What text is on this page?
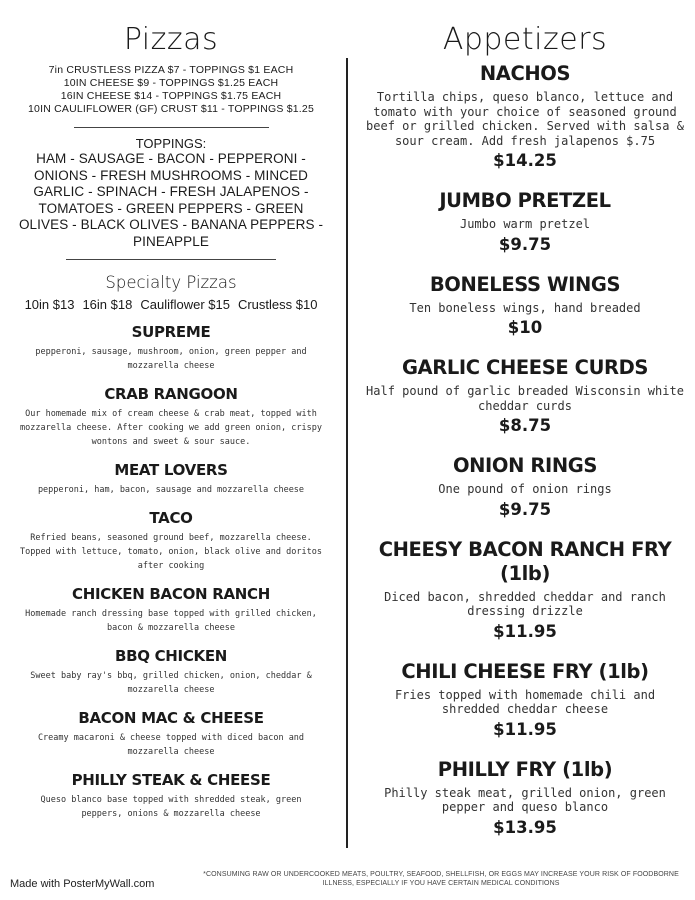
Pizzas
7in CRUSTLESS PIZZA $7 - TOPPINGS $1 EACH
10IN CHEESE $9 - TOPPINGS $1.25 EACH
16IN CHEESE $14 - TOPPINGS $1.75 EACH
10IN CAULIFLOWER (GF) CRUST $11 - TOPPINGS $1.25
TOPPINGS:
HAM - SAUSAGE - BACON - PEPPERONI - ONIONS - FRESH MUSHROOMS - MINCED GARLIC - SPINACH - FRESH JALAPENOS - TOMATOES - GREEN PEPPERS - GREEN OLIVES - BLACK OLIVES - BANANA PEPPERS - PINEAPPLE
Specialty Pizzas
10in $13 16in $18 Cauliflower $15 Crustless $10
SUPREME
pepperoni, sausage, mushroom, onion, green pepper and mozzarella cheese
CRAB RANGOON
Our homemade mix of cream cheese & crab meat, topped with mozzarella cheese. After cooking we add green onion, crispy wontons and sweet & sour sauce.
MEAT LOVERS
pepperoni, ham, bacon, sausage and mozzarella cheese
TACO
Refried beans, seasoned ground beef, mozzarella cheese. Topped with lettuce, tomato, onion, black olive and doritos after cooking
CHICKEN BACON RANCH
Homemade ranch dressing base topped with grilled chicken, bacon & mozzarella cheese
BBQ CHICKEN
Sweet baby ray's bbq, grilled chicken, onion, cheddar & mozzarella cheese
BACON MAC & CHEESE
Creamy macaroni & cheese topped with diced bacon and mozzarella cheese
PHILLY STEAK & CHEESE
Queso blanco base topped with shredded steak, green peppers, onions & mozzarella cheese
Appetizers
NACHOS
Tortilla chips, queso blanco, lettuce and tomato with your choice of seasoned ground beef or grilled chicken. Served with salsa & sour cream. Add fresh jalapenos $.75
$14.25
JUMBO PRETZEL
Jumbo warm pretzel
$9.75
BONELESS WINGS
Ten boneless wings, hand breaded
$10
GARLIC CHEESE CURDS
Half pound of garlic breaded Wisconsin white cheddar curds
$8.75
ONION RINGS
One pound of onion rings
$9.75
CHEESY BACON RANCH FRY (1lb)
Diced bacon, shredded cheddar and ranch dressing drizzle
$11.95
CHILI CHEESE FRY (1lb)
Fries topped with homemade chili and shredded cheddar cheese
$11.95
PHILLY FRY (1lb)
Philly steak meat, grilled onion, green pepper and queso blanco
$13.95
Made with PosterMyWall.com
*CONSUMING RAW OR UNDERCOOKED MEATS, POULTRY, SEAFOOD, SHELLFISH, OR EGGS MAY INCREASE YOUR RISK OF FOODBORNE ILLNESS, ESPECIALLY IF YOU HAVE CERTAIN MEDICAL CONDITIONS
